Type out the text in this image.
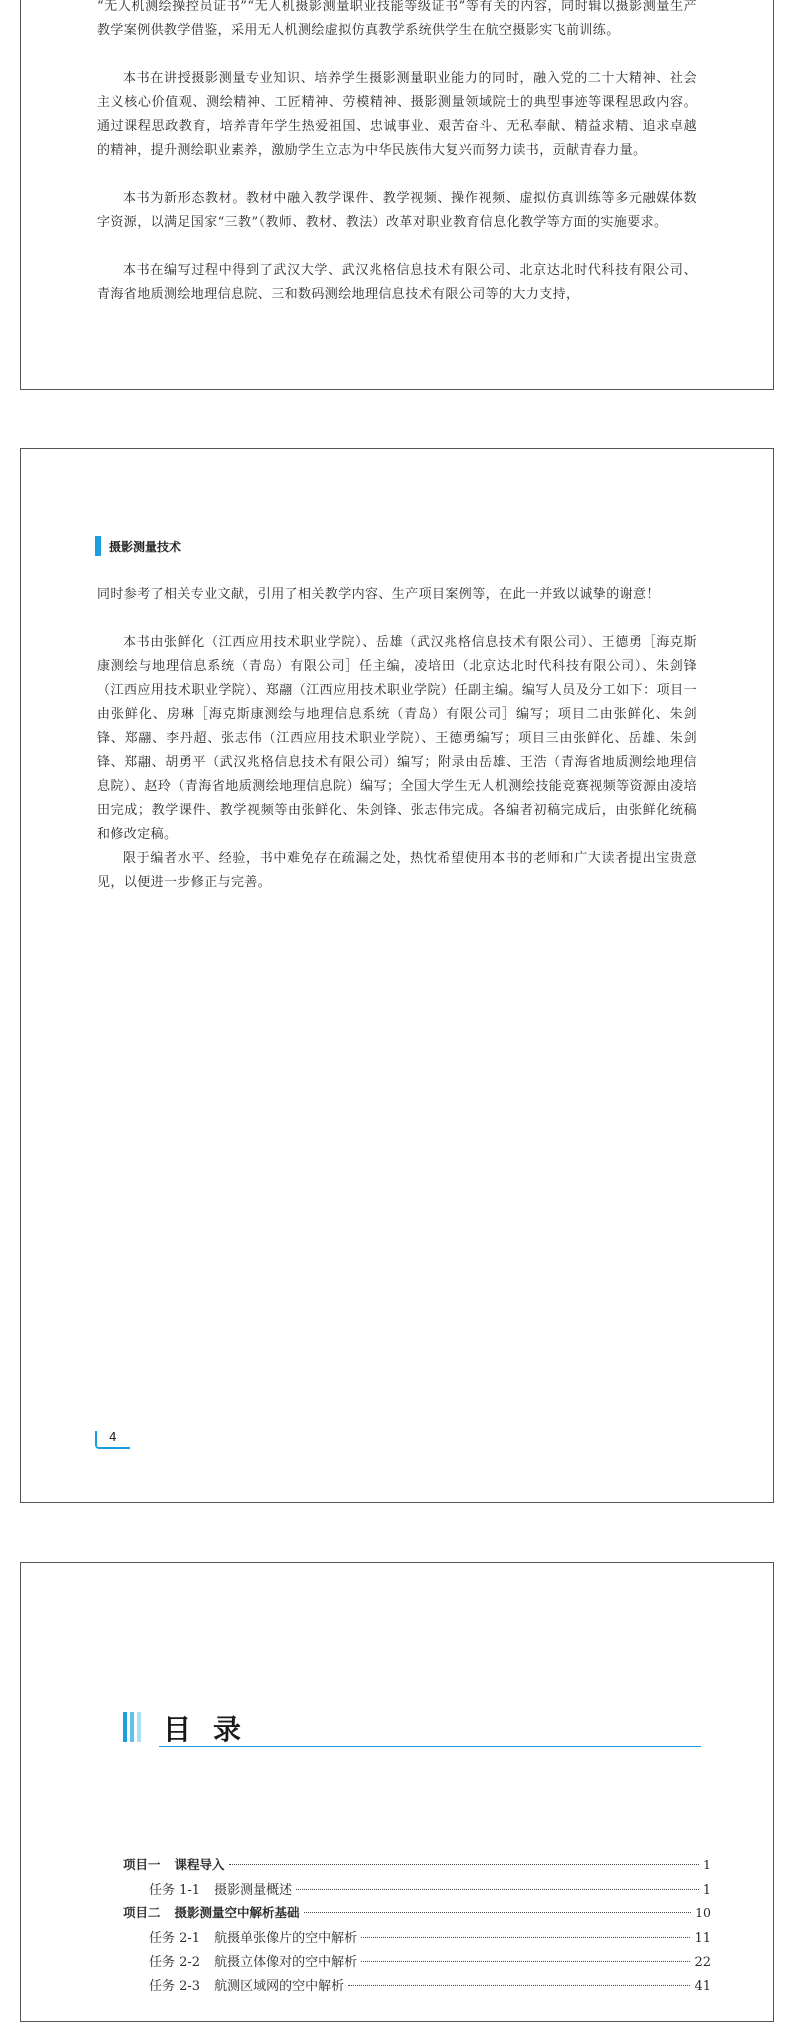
“无人机测绘操控员证书”“无人机摄影测量职业技能等级证书”等有关的内容，同时辑以摄影测量生产教学案例供教学借鉴，采用无人机测绘虚拟仿真教学系统供学生在航空摄影实飞前训练。

本书在讲授摄影测量专业知识、培养学生摄影测量职业能力的同时，融入党的二十大精神、社会主义核心价值观、测绘精神、工匠精神、劳模精神、摄影测量领域院士的典型事迹等课程思政内容。通过课程思政教育，培养青年学生热爱祖国、忠诚事业、艰苦奋斗、无私奉献、精益求精、追求卓越的精神，提升测绘职业素养，激励学生立志为中华民族伟大复兴而努力读书，贡献青春力量。

本书为新形态教材。教材中融入教学课件、教学视频、操作视频、虚拟仿真训练等多元融媒体数字资源，以满足国家“三教”（教师、教材、教法）改革对职业教育信息化教学等方面的实施要求。

本书在编写过程中得到了武汉大学、武汉兆格信息技术有限公司、北京达北时代科技有限公司、青海省地质测绘地理信息院、三和数码测绘地理信息技术有限公司等的大力支持，

摄影测量技术

同时参考了相关专业文献，引用了相关教学内容、生产项目案例等，在此一并致以诚挚的谢意！

本书由张鲜化（江西应用技术职业学院）、岳雄（武汉兆格信息技术有限公司）、王德勇［海克斯康测绘与地理信息系统（青岛）有限公司］任主编，凌培田（北京达北时代科技有限公司）、朱剑锋（江西应用技术职业学院）、郑翮（江西应用技术职业学院）任副主编。编写人员及分工如下：项目一由张鲜化、房琳［海克斯康测绘与地理信息系统（青岛）有限公司］编写；项目二由张鲜化、朱剑锋、郑翮、李丹超、张志伟（江西应用技术职业学院）、王德勇编写；项目三由张鲜化、岳雄、朱剑锋、郑翮、胡勇平（武汉兆格信息技术有限公司）编写；附录由岳雄、王浩（青海省地质测绘地理信息院）、赵玲（青海省地质测绘地理信息院）编写；全国大学生无人机测绘技能竞赛视频等资源由凌培田完成；教学课件、教学视频等由张鲜化、朱剑锋、张志伟完成。各编者初稿完成后，由张鲜化统稿和修改定稿。

限于编者水平、经验，书中难免存在疏漏之处，热忱希望使用本书的老师和广大读者提出宝贵意见，以便进一步修正与完善。

4
目录
项目一 课程导入	1
任务 1-1 摄影测量概述	1
项目二 摄影测量空中解析基础	10
任务 2-1 航摄单张像片的空中解析	11
任务 2-2 航摄立体像对的空中解析	22
任务 2-3 航测区域网的空中解析	41
